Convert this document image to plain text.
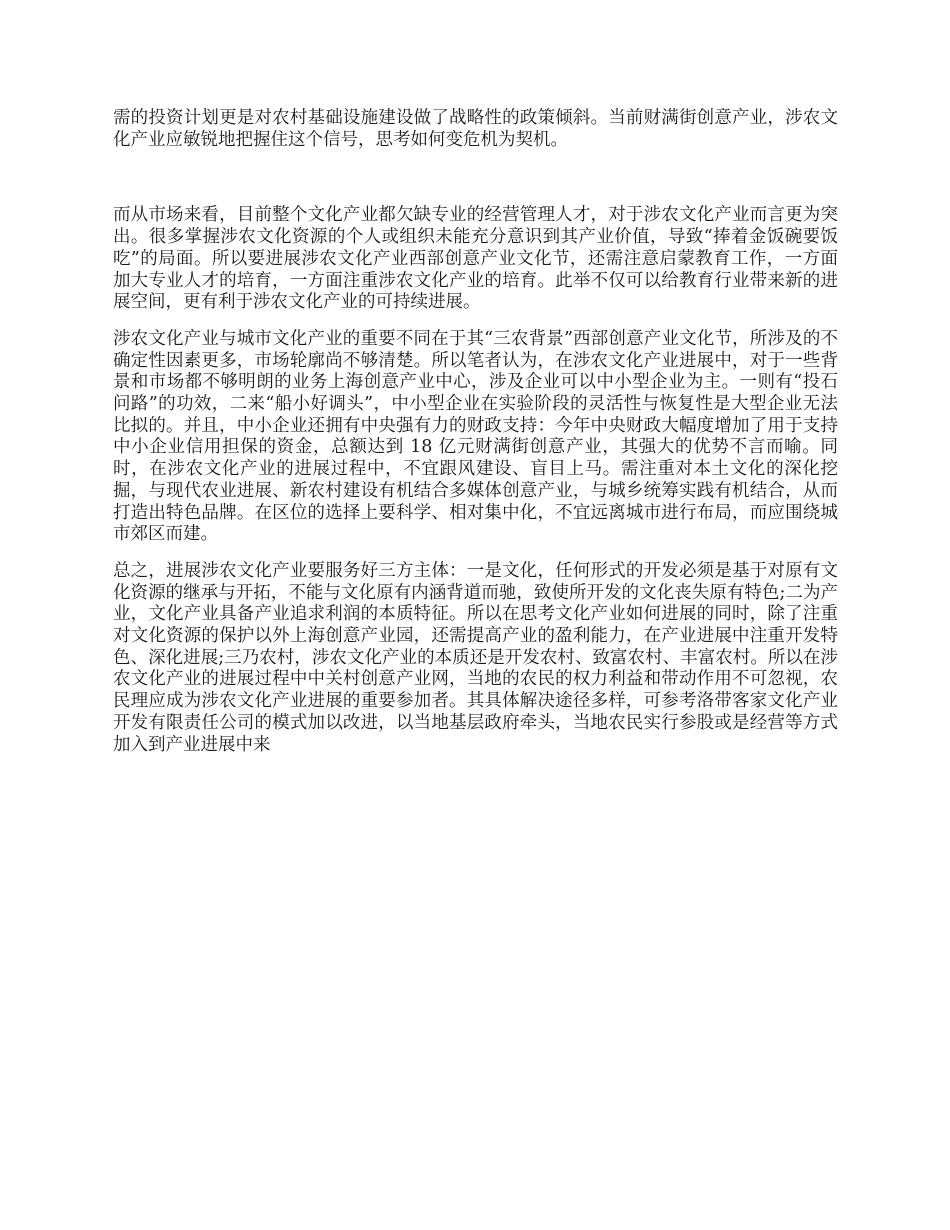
需的投资计划更是对农村基础设施建设做了战略性的政策倾斜。当前财满街创意产业，涉农文化产业应敏锐地把握住这个信号，思考如何变危机为契机。

而从市场来看，目前整个文化产业都欠缺专业的经营管理人才，对于涉农文化产业而言更为突出。很多掌握涉农文化资源的个人或组织未能充分意识到其产业价值，导致“捧着金饭碗要饭吃”的局面。所以要进展涉农文化产业西部创意产业文化节，还需注意启蒙教育工作，一方面加大专业人才的培育，一方面注重涉农文化产业的培育。此举不仅可以给教育行业带来新的进展空间，更有利于涉农文化产业的可持续进展。

涉农文化产业与城市文化产业的重要不同在于其“三农背景”西部创意产业文化节，所涉及的不确定性因素更多，市场轮廓尚不够清楚。所以笔者认为，在涉农文化产业进展中，对于一些背景和市场都不够明朗的业务上海创意产业中心，涉及企业可以中小型企业为主。一则有“投石问路”的功效，二来“船小好调头”，中小型企业在实验阶段的灵活性与恢复性是大型企业无法比拟的。并且，中小企业还拥有中央强有力的财政支持：今年中央财政大幅度增加了用于支持中小企业信用担保的资金，总额达到 18 亿元财满街创意产业，其强大的优势不言而喻。同时，在涉农文化产业的进展过程中，不宜跟风建设、盲目上马。需注重对本土文化的深化挖掘，与现代农业进展、新农村建设有机结合多媒体创意产业，与城乡统筹实践有机结合，从而打造出特色品牌。在区位的选择上要科学、相对集中化，不宜远离城市进行布局，而应围绕城市郊区而建。

总之，进展涉农文化产业要服务好三方主体：一是文化，任何形式的开发必须是基于对原有文化资源的继承与开拓，不能与文化原有内涵背道而驰，致使所开发的文化丧失原有特色;二为产业，文化产业具备产业追求利润的本质特征。所以在思考文化产业如何进展的同时，除了注重对文化资源的保护以外上海创意产业园，还需提高产业的盈利能力，在产业进展中注重开发特色、深化进展;三乃农村，涉农文化产业的本质还是开发农村、致富农村、丰富农村。所以在涉农文化产业的进展过程中中关村创意产业网，当地的农民的权力利益和带动作用不可忽视，农民理应成为涉农文化产业进展的重要参加者。其具体解决途径多样，可参考洛带客家文化产业开发有限责任公司的模式加以改进，以当地基层政府牵头，当地农民实行参股或是经营等方式加入到产业进展中来
